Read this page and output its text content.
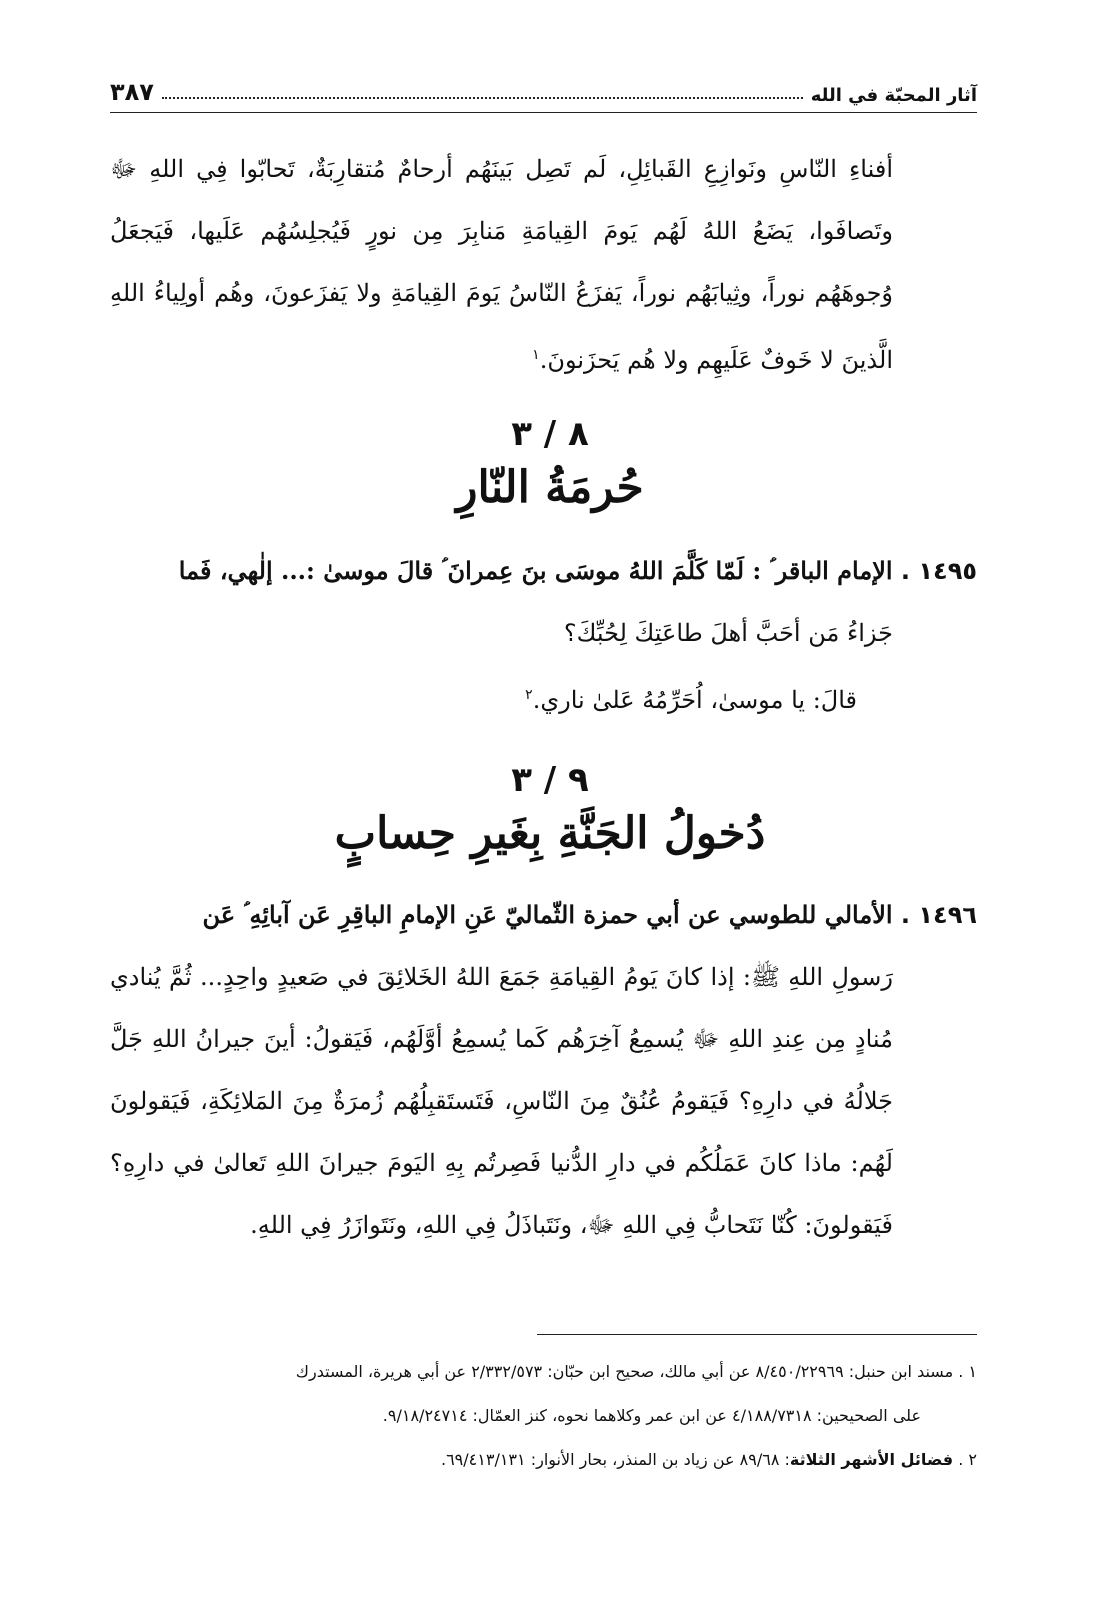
آثار المحبّة في الله
٣٨٧
أفناءِ النّاسِ ونَوازِعِ القَبائِلِ، لَم تَصِل بَينَهُم أرحامٌ مُتقارِبَةٌ، تَحابّوا فِي اللهِ ﷻ وتَصافَوا، يَضَعُ اللهُ لَهُم يَومَ القِيامَةِ مَنابِرَ مِن نورٍ فَيُجلِسُهُم عَلَيها، فَيَجعَلُ وُجوهَهُم نوراً، وثِيابَهُم نوراً، يَفزَعُ النّاسُ يَومَ القِيامَةِ ولا يَفزَعونَ، وهُم أولِياءُ اللهِ الَّذينَ لا خَوفٌ عَلَيهِم ولا هُم يَحزَنونَ.$^١$
٨ / ٣
حُرمَةُ النّارِ
١٤٩٥ . الإمام الباقر ؑ : لَمّا كَلَّمَ اللهُ موسَى بنَ عِمرانَ ؑ قالَ موسىٰ :... إلٰهي، فَما
جَزاءُ مَن أحَبَّ أهلَ طاعَتِكَ لِحُبِّكَ؟
قالَ: يا موسىٰ، اُحَرِّمُهُ عَلىٰ ناري.$^٢$
٩ / ٣
دُخولُ الجَنَّةِ بِغَيرِ حِسابٍ
١٤٩٦ . الأمالي للطوسي عن أبي حمزة الثّماليّ عَنِ الإمامِ الباقِرِ عَن آبائِهِ ؑ عَن
رَسولِ اللهِ ﷺ: إذا كانَ يَومُ القِيامَةِ جَمَعَ اللهُ الخَلائِقَ في صَعيدٍ واحِدٍ... ثُمَّ يُنادي مُنادٍ مِن عِندِ اللهِ ﷻ يُسمِعُ آخِرَهُم كَما يُسمِعُ أوَّلَهُم، فَيَقولُ: أينَ جيرانُ اللهِ جَلَّ جَلالُهُ في دارِهِ؟ فَيَقومُ عُنُقٌ مِنَ النّاسِ، فَتَستَقبِلُهُم زُمرَةٌ مِنَ المَلائِكَةِ، فَيَقولونَ لَهُم: ماذا كانَ عَمَلُكُم في دارِ الدُّنيا فَصِرتُم بِهِ اليَومَ جيرانَ اللهِ تَعالىٰ في دارِهِ؟ فَيَقولونَ: كُنّا نَتَحابُّ فِي اللهِ ﷻ، ونَتَباذَلُ فِي اللهِ، ونَتَوازَرُ فِي اللهِ.
١ . مسند ابن حنبل: ٨/٤٥٠/٢٢٩٦٩ عن أبي مالك، صحيح ابن حبّان: ٢/٣٣٢/٥٧٣ عن أبي هريرة، المستدرك
على الصحيحين: ٤/١٨٨/٧٣١٨ عن ابن عمر وكلاهما نحوه، كنز العمّال: ٩/١٨/٢٤٧١٤.
٢ . فضائل الأشهر الثلاثة: ٨٩/٦٨ عن زياد بن المنذر، بحار الأنوار: ٦٩/٤١٣/١٣١.
